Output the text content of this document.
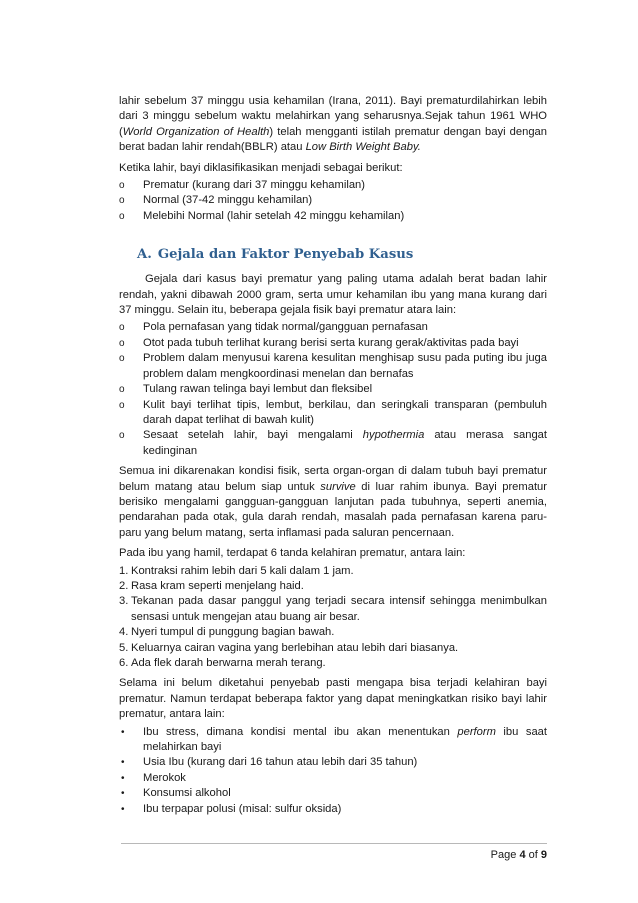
lahir sebelum 37 minggu usia kehamilan (Irana, 2011). Bayi prematurdilahirkan lebih dari 3 minggu sebelum waktu melahirkan yang seharusnya.Sejak tahun 1961 WHO (World Organization of Health) telah mengganti istilah prematur dengan bayi dengan berat badan lahir rendah(BBLR) atau Low Birth Weight Baby.

Ketika lahir, bayi diklasifikasikan menjadi sebagai berikut:

o Prematur (kurang dari 37 minggu kehamilan)
o Normal (37-42 minggu kehamilan)
o Melebihi Normal (lahir setelah 42 minggu kehamilan)
A. Gejala dan Faktor Penyebab Kasus

Gejala dari kasus bayi prematur yang paling utama adalah berat badan lahir rendah, yakni dibawah 2000 gram, serta umur kehamilan ibu yang mana kurang dari 37 minggu. Selain itu, beberapa gejala fisik bayi prematur atara lain:

o Pola pernafasan yang tidak normal/gangguan pernafasan
o Otot pada tubuh terlihat kurang berisi serta kurang gerak/aktivitas pada bayi
o Problem dalam menyusui karena kesulitan menghisap susu pada puting ibu juga problem dalam mengkoordinasi menelan dan bernafas
o Tulang rawan telinga bayi lembut dan fleksibel
o Kulit bayi terlihat tipis, lembut, berkilau, dan seringkali transparan (pembuluh darah dapat terlihat di bawah kulit)
o Sesaat setelah lahir, bayi mengalami hypothermia atau merasa sangat kedinginan

Semua ini dikarenakan kondisi fisik, serta organ-organ di dalam tubuh bayi prematur belum matang atau belum siap untuk survive di luar rahim ibunya. Bayi prematur berisiko mengalami gangguan-gangguan lanjutan pada tubuhnya, seperti anemia, pendarahan pada otak, gula darah rendah, masalah pada pernafasan karena paru-paru yang belum matang, serta inflamasi pada saluran pencernaan.

Pada ibu yang hamil, terdapat 6 tanda kelahiran prematur, antara lain:

1. Kontraksi rahim lebih dari 5 kali dalam 1 jam.
2. Rasa kram seperti menjelang haid.
3. Tekanan pada dasar panggul yang terjadi secara intensif sehingga menimbulkan sensasi untuk mengejan atau buang air besar.
4. Nyeri tumpul di punggung bagian bawah.
5. Keluarnya cairan vagina yang berlebihan atau lebih dari biasanya.
6. Ada flek darah berwarna merah terang.

Selama ini belum diketahui penyebab pasti mengapa bisa terjadi kelahiran bayi prematur. Namun terdapat beberapa faktor yang dapat meningkatkan risiko bayi lahir prematur, antara lain:

• Ibu stress, dimana kondisi mental ibu akan menentukan perform ibu saat melahirkan bayi
• Usia Ibu (kurang dari 16 tahun atau lebih dari 35 tahun)
• Merokok
• Konsumsi alkohol
• Ibu terpapar polusi (misal: sulfur oksida)
Page 4 of 9
